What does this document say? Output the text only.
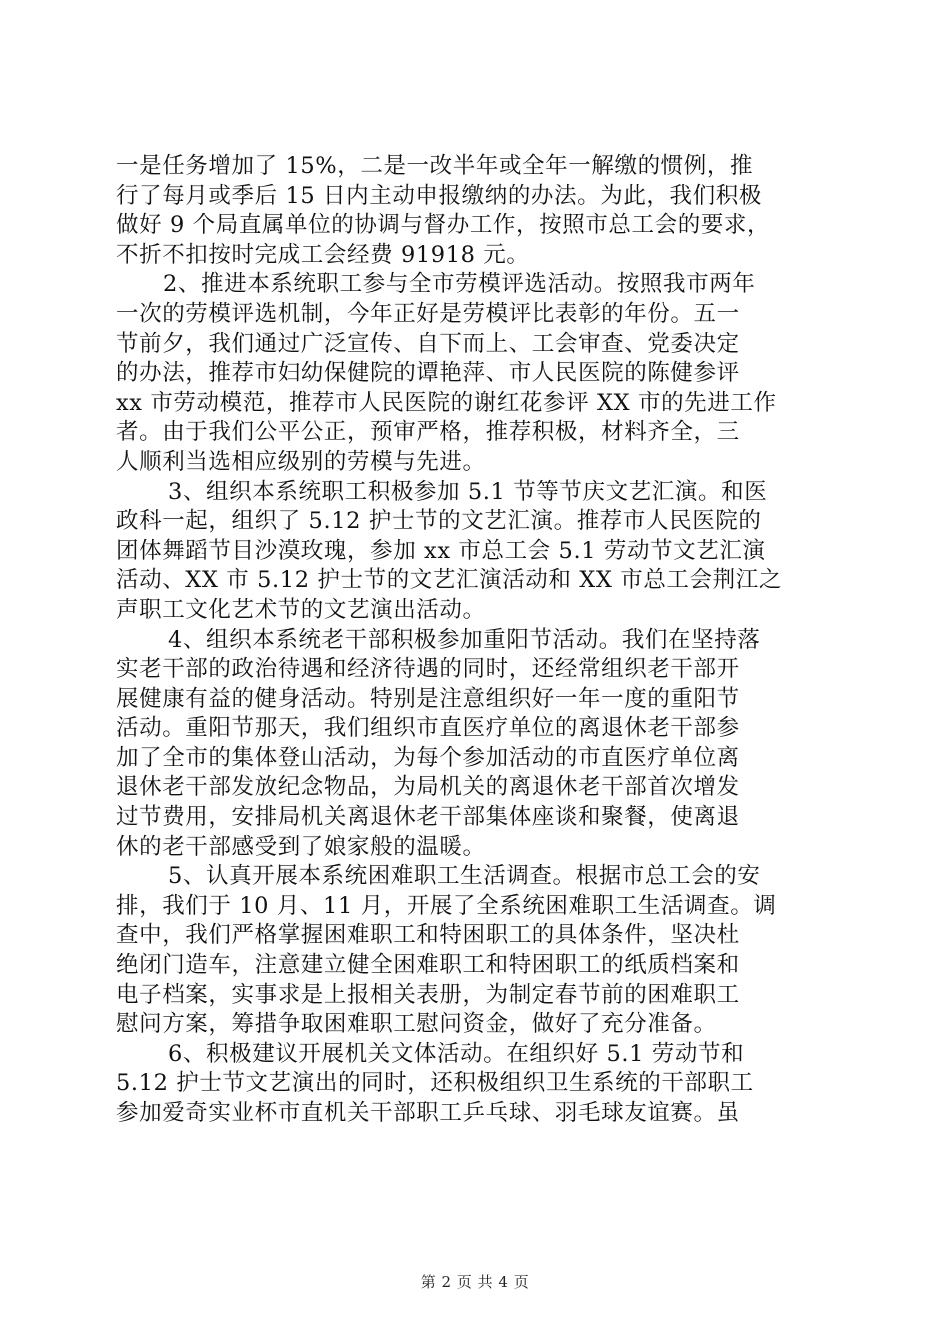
一是任务增加了 15%，二是一改半年或全年一解缴的惯例，推
行了每月或季后 15 日内主动申报缴纳的办法。为此，我们积极
做好 9 个局直属单位的协调与督办工作，按照市总工会的要求，
不折不扣按时完成工会经费 91918 元。
2、推进本系统职工参与全市劳模评选活动。按照我市两年
一次的劳模评选机制，今年正好是劳模评比表彰的年份。五一
节前夕，我们通过广泛宣传、自下而上、工会审查、党委决定
的办法，推荐市妇幼保健院的谭艳萍、市人民医院的陈健参评
xx 市劳动模范，推荐市人民医院的谢红花参评 XX 市的先进工作
者。由于我们公平公正，预审严格，推荐积极，材料齐全，三
人顺利当选相应级别的劳模与先进。
3、组织本系统职工积极参加 5.1 节等节庆文艺汇演。和医
政科一起，组织了 5.12 护士节的文艺汇演。推荐市人民医院的
团体舞蹈节目沙漠玫瑰，参加 xx 市总工会 5.1 劳动节文艺汇演
活动、XX 市 5.12 护士节的文艺汇演活动和 XX 市总工会荆江之
声职工文化艺术节的文艺演出活动。
4、组织本系统老干部积极参加重阳节活动。我们在坚持落
实老干部的政治待遇和经济待遇的同时，还经常组织老干部开
展健康有益的健身活动。特别是注意组织好一年一度的重阳节
活动。重阳节那天，我们组织市直医疗单位的离退休老干部参
加了全市的集体登山活动，为每个参加活动的市直医疗单位离
退休老干部发放纪念物品，为局机关的离退休老干部首次增发
过节费用，安排局机关离退休老干部集体座谈和聚餐，使离退
休的老干部感受到了娘家般的温暖。
5、认真开展本系统困难职工生活调查。根据市总工会的安
排，我们于 10 月、11 月，开展了全系统困难职工生活调查。调
查中，我们严格掌握困难职工和特困职工的具体条件，坚决杜
绝闭门造车，注意建立健全困难职工和特困职工的纸质档案和
电子档案，实事求是上报相关表册，为制定春节前的困难职工
慰问方案，筹措争取困难职工慰问资金，做好了充分准备。
6、积极建议开展机关文体活动。在组织好 5.1 劳动节和
5.12 护士节文艺演出的同时，还积极组织卫生系统的干部职工
参加爱奇实业杯市直机关干部职工乒乓球、羽毛球友谊赛。虽
第 2 页 共 4 页
